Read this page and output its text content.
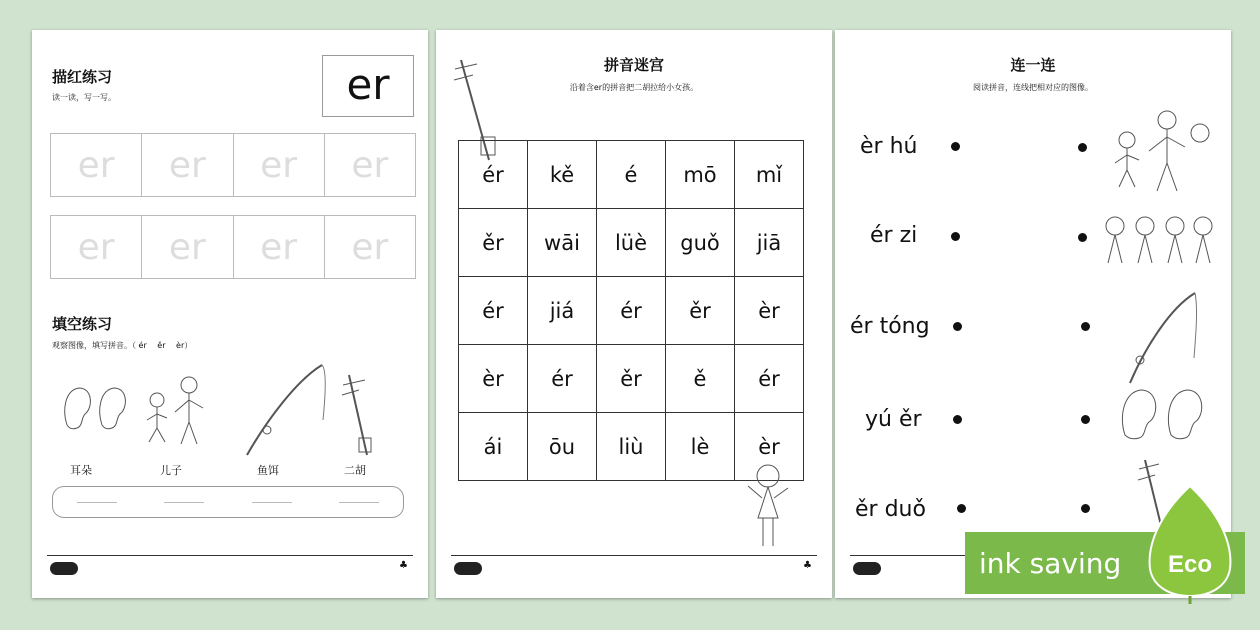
描红练习
读一读，写一写。	er
er	er	er	er
er	er	er	er
填空练习
观察图像，填写拼音。（ ér　 ěr　 èr）
耳朵	儿子	鱼饵	二胡
♣
拼音迷宫
沿着含er的拼音把二胡拉给小女孩。
ér	kě	é	mō	mǐ
ěr	wāi	lüè	guǒ	jiā
ér	jiá	ér	ěr	èr
èr	ér	ěr	ě	ér
ái	ōu	liù	lè	èr
♣
连一连
阅读拼音，连线把相对应的图像。
èr hú
ér zi
ér tóng
yú ěr
ěr duǒ
ink saving Eco
